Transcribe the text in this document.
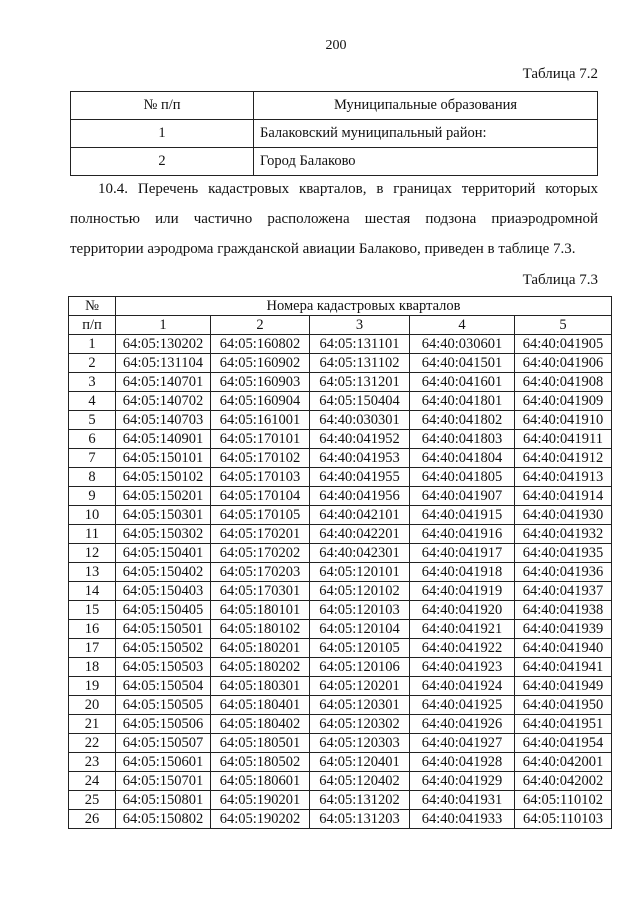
200
Таблица 7.2
№ п/п	Муниципальные образования
1	Балаковский муниципальный район:
2	Город Балаково
10.4. Перечень кадастровых кварталов, в границах территорий которых полностью или частично расположена шестая подзона приаэродромной территории аэродрома гражданской авиации Балаково, приведен в таблице 7.3.
Таблица 7.3
№	Номера кадастровых кварталов				
п/п	1	2	3	4	5
1	64:05:130202	64:05:160802	64:05:131101	64:40:030601	64:40:041905
2	64:05:131104	64:05:160902	64:05:131102	64:40:041501	64:40:041906
3	64:05:140701	64:05:160903	64:05:131201	64:40:041601	64:40:041908
4	64:05:140702	64:05:160904	64:05:150404	64:40:041801	64:40:041909
5	64:05:140703	64:05:161001	64:40:030301	64:40:041802	64:40:041910
6	64:05:140901	64:05:170101	64:40:041952	64:40:041803	64:40:041911
7	64:05:150101	64:05:170102	64:40:041953	64:40:041804	64:40:041912
8	64:05:150102	64:05:170103	64:40:041955	64:40:041805	64:40:041913
9	64:05:150201	64:05:170104	64:40:041956	64:40:041907	64:40:041914
10	64:05:150301	64:05:170105	64:40:042101	64:40:041915	64:40:041930
11	64:05:150302	64:05:170201	64:40:042201	64:40:041916	64:40:041932
12	64:05:150401	64:05:170202	64:40:042301	64:40:041917	64:40:041935
13	64:05:150402	64:05:170203	64:05:120101	64:40:041918	64:40:041936
14	64:05:150403	64:05:170301	64:05:120102	64:40:041919	64:40:041937
15	64:05:150405	64:05:180101	64:05:120103	64:40:041920	64:40:041938
16	64:05:150501	64:05:180102	64:05:120104	64:40:041921	64:40:041939
17	64:05:150502	64:05:180201	64:05:120105	64:40:041922	64:40:041940
18	64:05:150503	64:05:180202	64:05:120106	64:40:041923	64:40:041941
19	64:05:150504	64:05:180301	64:05:120201	64:40:041924	64:40:041949
20	64:05:150505	64:05:180401	64:05:120301	64:40:041925	64:40:041950
21	64:05:150506	64:05:180402	64:05:120302	64:40:041926	64:40:041951
22	64:05:150507	64:05:180501	64:05:120303	64:40:041927	64:40:041954
23	64:05:150601	64:05:180502	64:05:120401	64:40:041928	64:40:042001
24	64:05:150701	64:05:180601	64:05:120402	64:40:041929	64:40:042002
25	64:05:150801	64:05:190201	64:05:131202	64:40:041931	64:05:110102
26	64:05:150802	64:05:190202	64:05:131203	64:40:041933	64:05:110103
